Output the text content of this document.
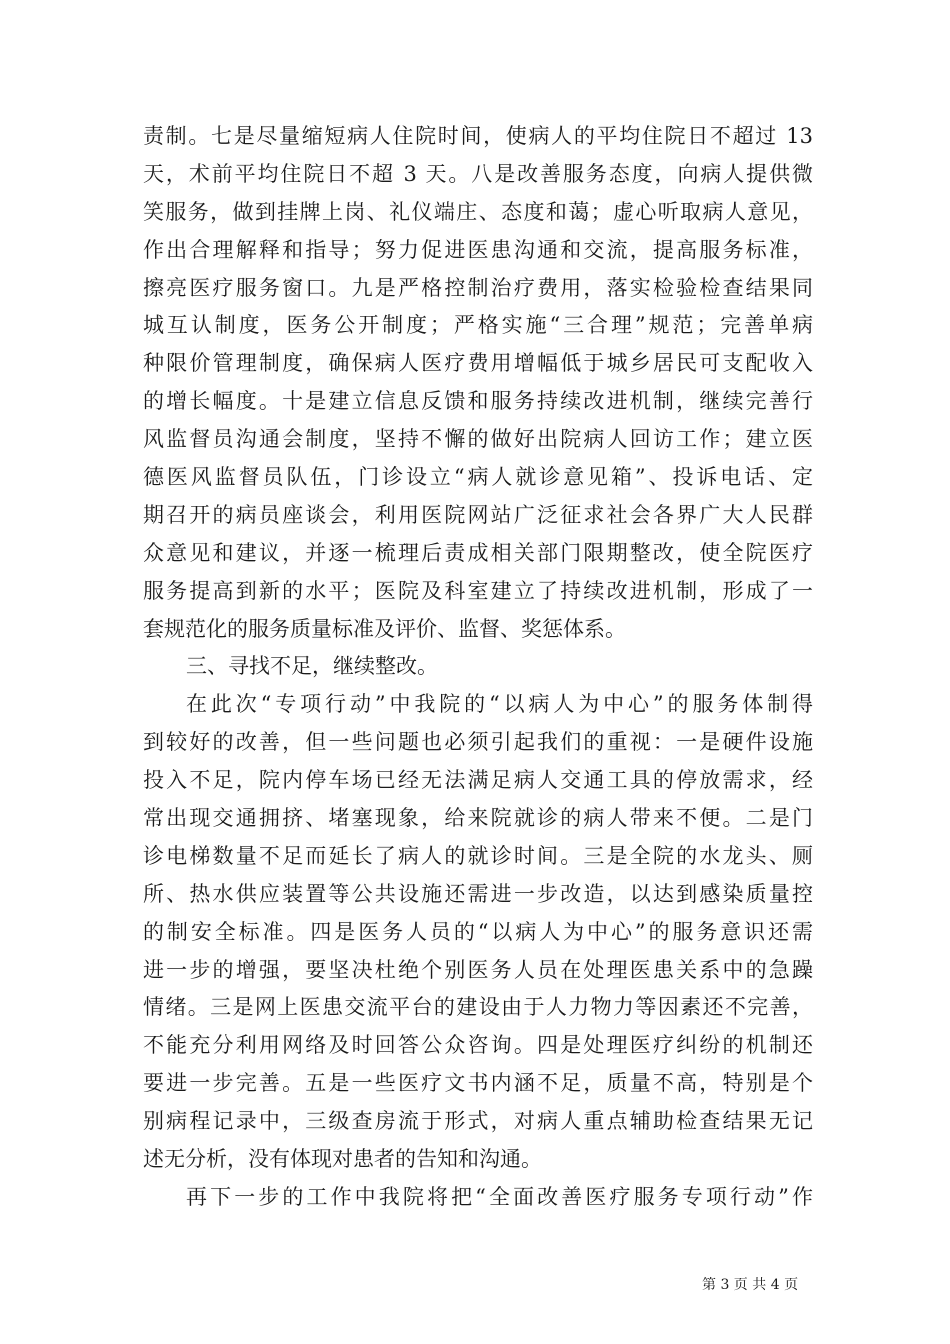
责制。七是尽量缩短病人住院时间，使病人的平均住院日不超过 13
天，术前平均住院日不超 3 天。八是改善服务态度，向病人提供微
笑服务，做到挂牌上岗、礼仪端庄、态度和蔼；虚心听取病人意见，
作出合理解释和指导；努力促进医患沟通和交流，提高服务标准，
擦亮医疗服务窗口。九是严格控制治疗费用，落实检验检查结果同
城互认制度，医务公开制度；严格实施“三合理”规范；完善单病
种限价管理制度，确保病人医疗费用增幅低于城乡居民可支配收入
的增长幅度。十是建立信息反馈和服务持续改进机制，继续完善行
风监督员沟通会制度，坚持不懈的做好出院病人回访工作；建立医
德医风监督员队伍，门诊设立“病人就诊意见箱”、投诉电话、定
期召开的病员座谈会，利用医院网站广泛征求社会各界广大人民群
众意见和建议，并逐一梳理后责成相关部门限期整改，使全院医疗
服务提高到新的水平；医院及科室建立了持续改进机制，形成了一
套规范化的服务质量标准及评价、监督、奖惩体系。
三、寻找不足，继续整改。
在此次“专项行动”中我院的“以病人为中心”的服务体制得
到较好的改善，但一些问题也必须引起我们的重视：一是硬件设施
投入不足，院内停车场已经无法满足病人交通工具的停放需求，经
常出现交通拥挤、堵塞现象，给来院就诊的病人带来不便。二是门
诊电梯数量不足而延长了病人的就诊时间。三是全院的水龙头、厕
所、热水供应装置等公共设施还需进一步改造，以达到感染质量控
的制安全标准。四是医务人员的“以病人为中心”的服务意识还需
进一步的增强，要坚决杜绝个别医务人员在处理医患关系中的急躁
情绪。三是网上医患交流平台的建设由于人力物力等因素还不完善，
不能充分利用网络及时回答公众咨询。四是处理医疗纠纷的机制还
要进一步完善。五是一些医疗文书内涵不足，质量不高，特别是个
别病程记录中，三级查房流于形式，对病人重点辅助检查结果无记
述无分析，没有体现对患者的告知和沟通。
再下一步的工作中我院将把“全面改善医疗服务专项行动”作
第 3 页 共 4 页
